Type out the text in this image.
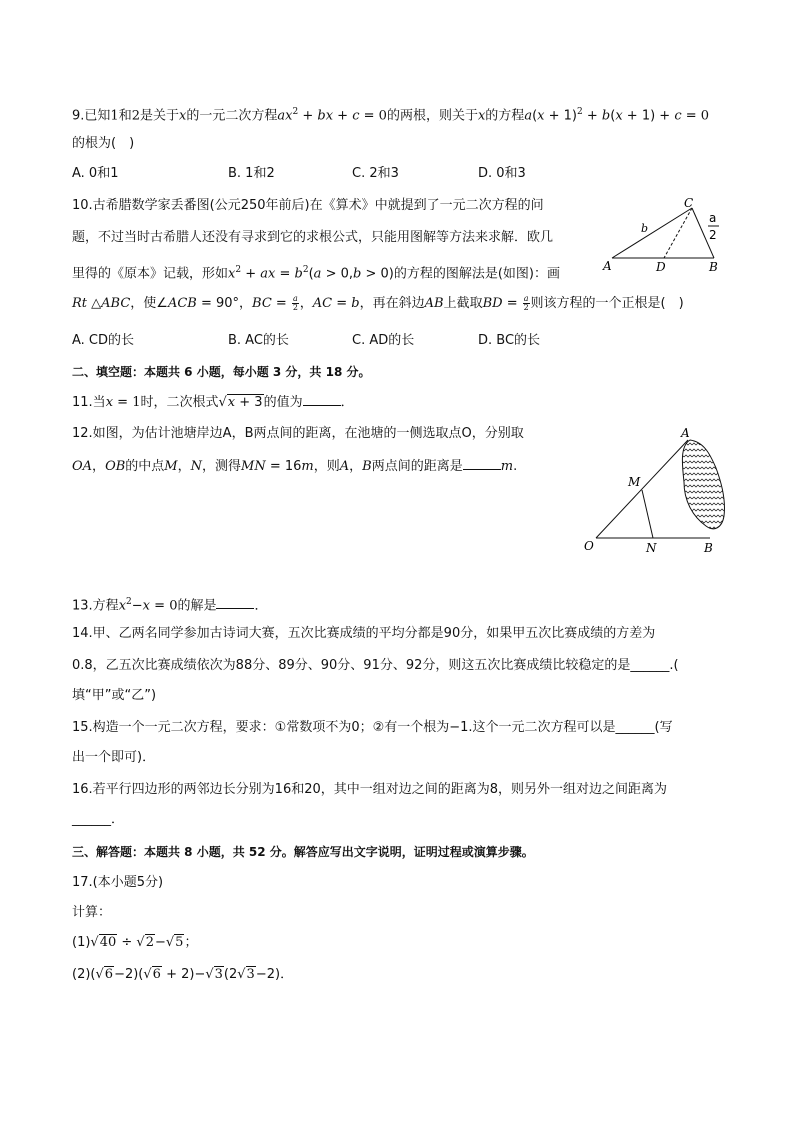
9.已知1和2是关于x的一元二次方程$ax^2$ + bx + c = 0的两根，则关于x的方程$a(x + 1)^2 + b(x + 1) + c = 0$
的根为(　)
A. 0和1	B. 1和2	C. 2和3	D. 0和3
10.古希腊数学家丢番图(公元250年前后)在《算术》中就提到了一元二次方程的问
题，不过当时古希腊人还没有寻求到它的求根公式，只能用图解等方法来求解．欧几
里得的《原本》记载，形如$x^2$ + ax = $b^2(a > 0,b > 0)$的方程的图解法是(如图)：画
Rt △ABC，使∠ACB = 90°，BC = $\frac{a}{2}$ ，AC = b，再在斜边AB上截取BD = $\frac{a}{2}$ 则该方程的一个正根是(　)
A. CD的长	B. AC的长	C. AD的长	D. BC的长
C
A	D	B
b
a
2
二、填空题：本题共 6 小题，每小题 3 分，共 18 分。
11.当x = 1时，二次根式√x + 3的值为	．
12.如图，为估计池塘岸边A，B两点间的距离，在池塘的一侧选取点O，分别取
OA，OB的中点M，N，测得MN = 16m，则A，B两点间的距离是	m.
A
M
O	N	B
13.方程$x^2-x = 0$的解是	．
14.甲、乙两名同学参加古诗词大赛，五次比赛成绩的平均分都是90分，如果甲五次比赛成绩的方差为
0.8，乙五次比赛成绩依次为88分、89分、90分、91分、92分，则这五次比赛成绩比较稳定的是______.(
填“甲”或“乙”)
15.构造一个一元二次方程，要求：①常数项不为0；②有一个根为−1.这个一元二次方程可以是______(写
出一个即可)．
16.若平行四边形的两邻边长分别为16和20，其中一组对边之间的距离为8，则另外一组对边之间距离为
______．
三、解答题：本题共 8 小题，共 52 分。解答应写出文字说明，证明过程或演算步骤。
17.(本小题5分)
计算：
(1)√40 ÷ √2−√5；
(2)(√6−2)(√6 + 2)−√3(2√3−2)．
